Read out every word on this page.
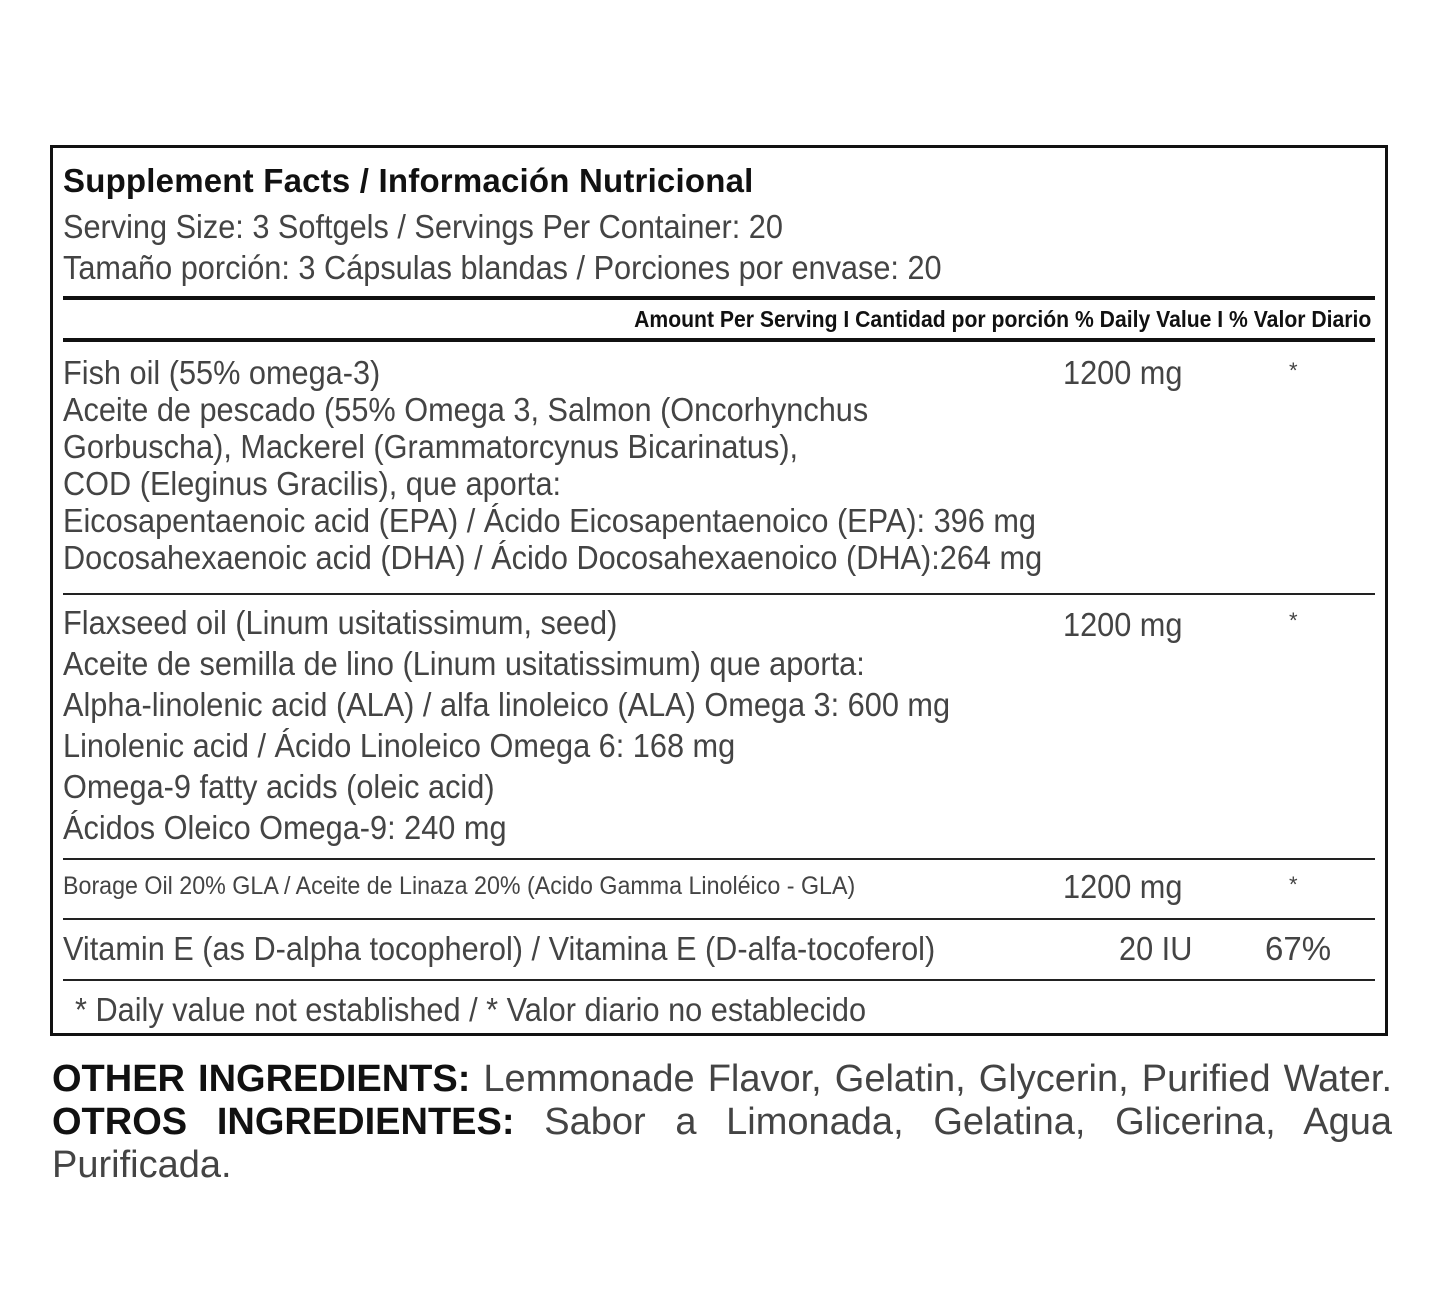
Supplement Facts / Información Nutricional
Serving Size: 3 Softgels / Servings Per Container: 20
Tamaño porción: 3 Cápsulas blandas / Porciones por envase: 20
Amount Per Serving I Cantidad por porción % Daily Value I % Valor Diario
Fish oil (55% omega-3)	1200 mg	*
Aceite de pescado (55% Omega 3, Salmon (Oncorhynchus
Gorbuscha), Mackerel (Grammatorcynus Bicarinatus),
COD (Eleginus Gracilis), que aporta:
Eicosapentaenoic acid (EPA) / Ácido Eicosapentaenoico (EPA): 396 mg
Docosahexaenoic acid (DHA) / Ácido Docosahexaenoico (DHA):264 mg
Flaxseed oil (Linum usitatissimum, seed)	1200 mg	*
Aceite de semilla de lino (Linum usitatissimum) que aporta:
Alpha-linolenic acid (ALA) / alfa linoleico (ALA) Omega 3: 600 mg
Linolenic acid / Ácido Linoleico Omega 6: 168 mg
Omega-9 fatty acids (oleic acid)
Ácidos Oleico Omega-9: 240 mg
Borage Oil 20% GLA / Aceite de Linaza 20% (Acido Gamma Linoléico - GLA)	1200 mg	*
Vitamin E (as D-alpha tocopherol) / Vitamina E (D-alfa-tocoferol)	20 IU 67%
* Daily value not established / * Valor diario no establecido
OTHER INGREDIENTS: Lemmonade Flavor, Gelatin, Glycerin, Purified Water. OTROS INGREDIENTES: Sabor a Limonada, Gelatina, Glicerina, Agua Purificada.
